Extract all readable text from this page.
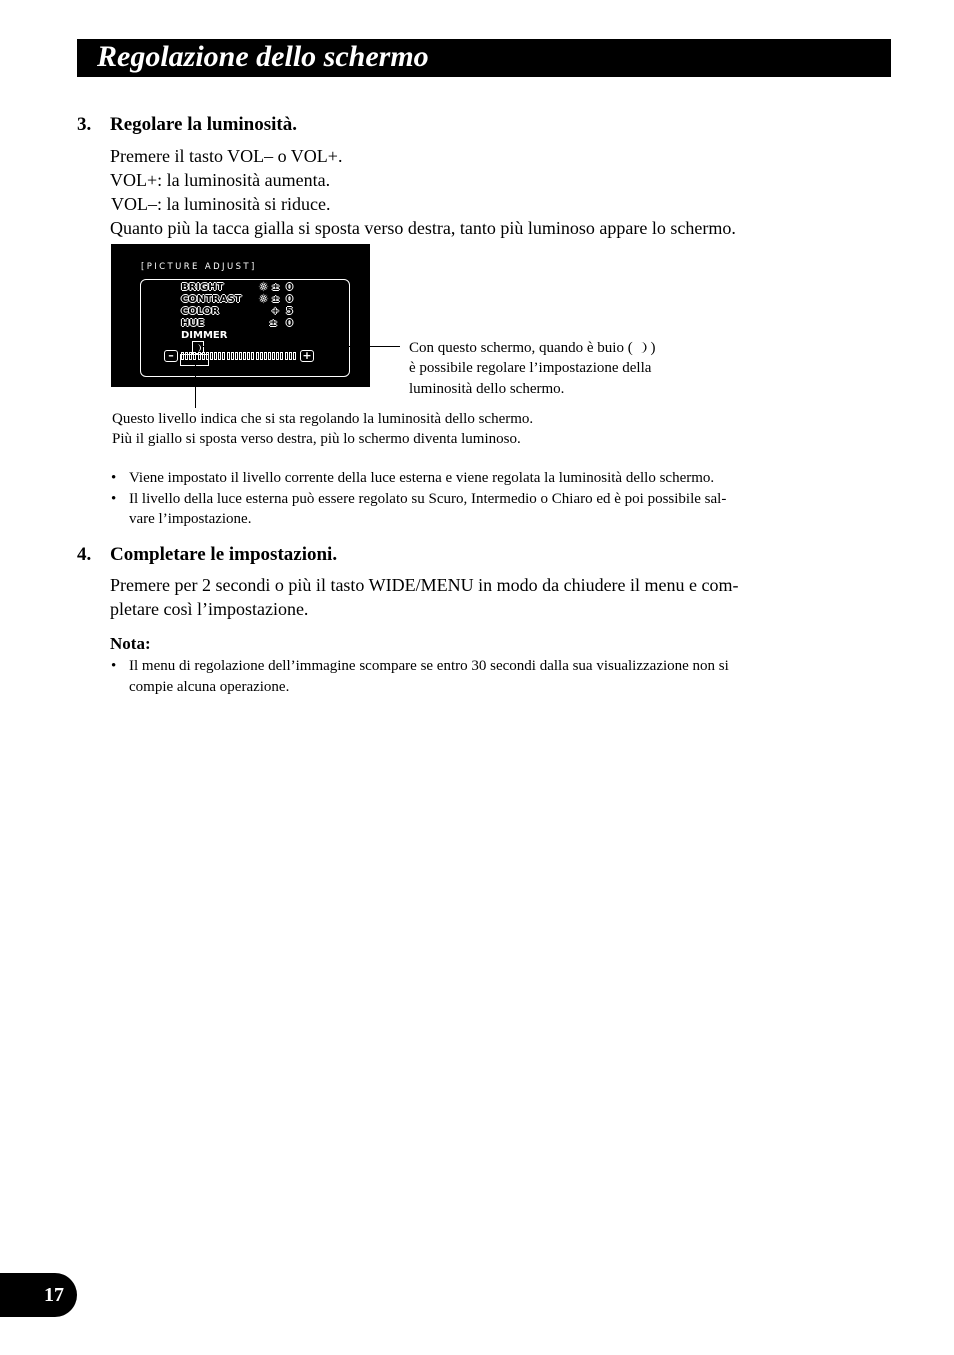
Regolazione dello schermo
3. Regolare la luminosità.
Premere il tasto VOL– o VOL+.
VOL+: la luminosità aumenta.
VOL–: la luminosità si riduce.
Quanto più la tacca gialla si sposta verso destra, tanto più luminoso appare lo schermo.
[PICTURE ADJUST]
BRIGHT	☼ ± 0
CONTRAST ☼ ± 0
COLOR	+ 5
HUE	± 0
DIMMER
–	+	Con questo schermo, quando è buio ( )
è possibile regolare l’impostazione della
luminosità dello schermo.
Questo livello indica che si sta regolando la luminosità dello schermo.
Più il giallo si sposta verso destra, più lo schermo diventa luminoso.
• Viene impostato il livello corrente della luce esterna e viene regolata la luminosità dello schermo.
• Il livello della luce esterna può essere regolato su Scuro, Intermedio o Chiaro ed è poi possibile sal-
vare l’impostazione.
4. Completare le impostazioni.
Premere per 2 secondi o più il tasto WIDE/MENU in modo da chiudere il menu e com-
pletare così l’impostazione.
Nota:
• Il menu di regolazione dell’immagine scompare se entro 30 secondi dalla sua visualizzazione non si
compie alcuna operazione.
17
